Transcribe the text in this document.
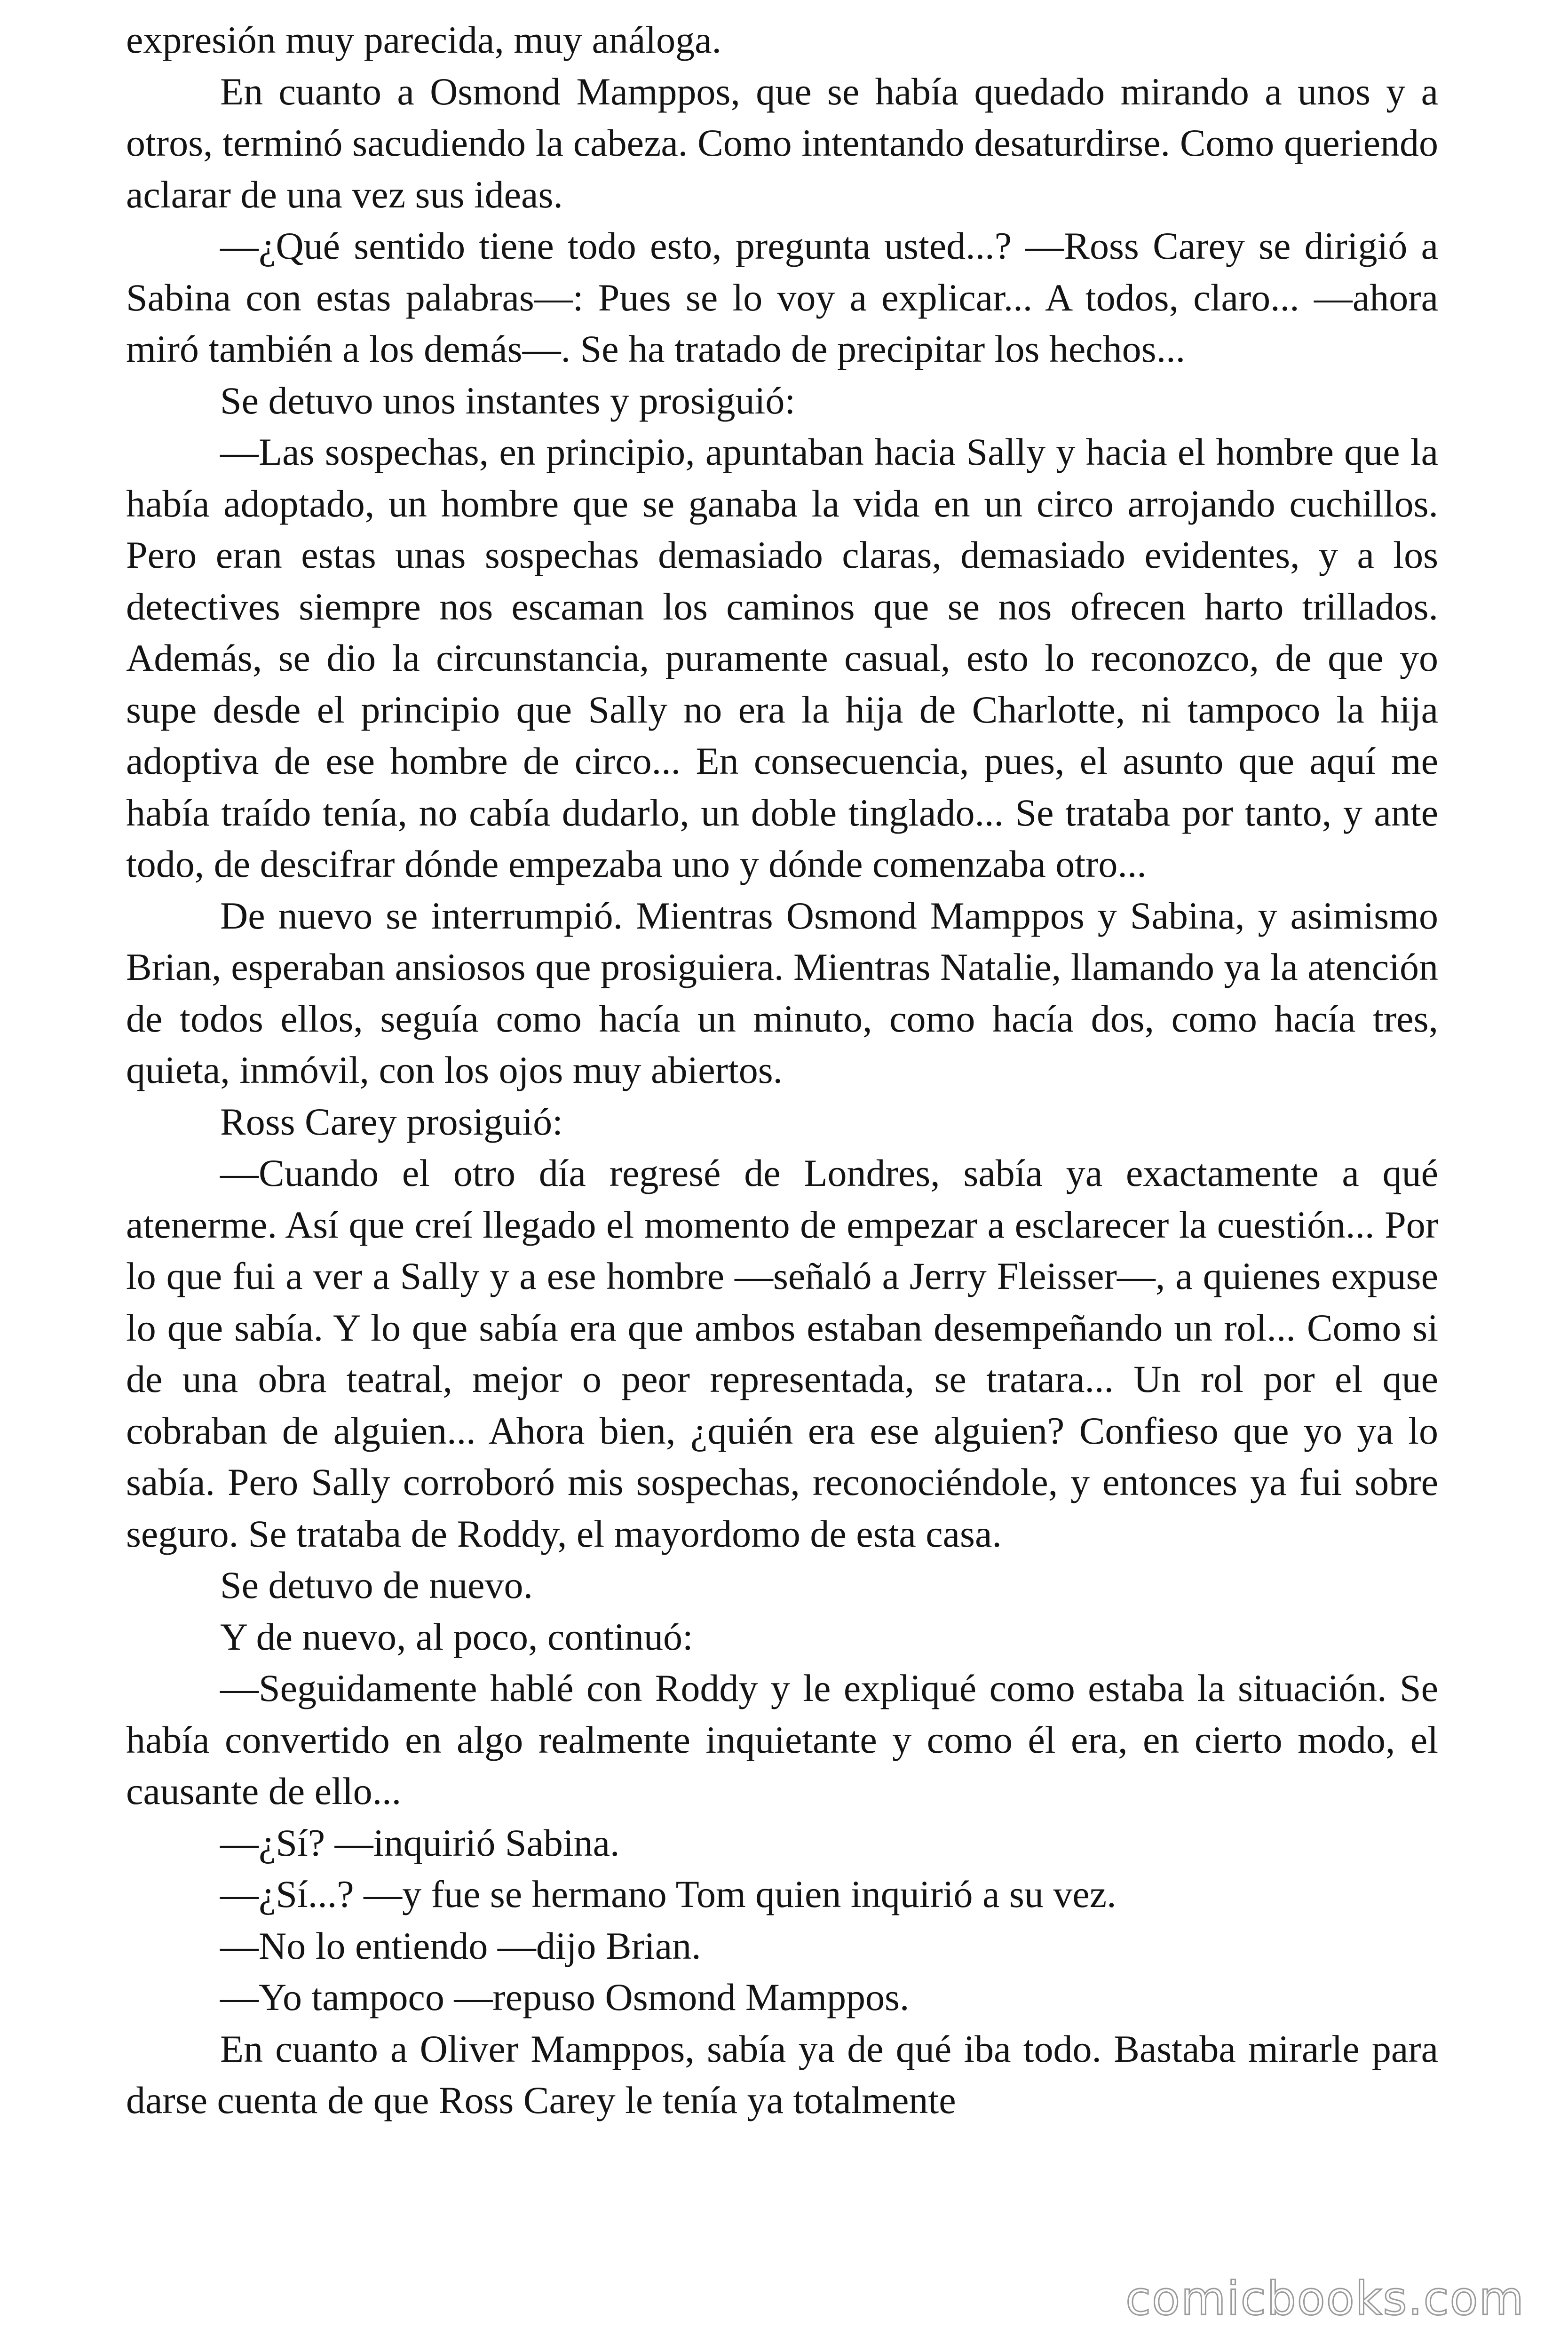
expresión muy parecida, muy análoga.

En cuanto a Osmond Mamppos, que se había quedado mirando a unos y a otros, terminó sacudiendo la cabeza. Como intentando desaturdirse. Como queriendo aclarar de una vez sus ideas.

—¿Qué sentido tiene todo esto, pregunta usted...? —Ross Carey se dirigió a Sabina con estas palabras—: Pues se lo voy a explicar... A todos, claro... —ahora miró también a los demás—. Se ha tratado de precipitar los hechos...

Se detuvo unos instantes y prosiguió:

—Las sospechas, en principio, apuntaban hacia Sally y hacia el hombre que la había adoptado, un hombre que se ganaba la vida en un circo arrojando cuchillos. Pero eran estas unas sospechas demasiado claras, demasiado evidentes, y a los detectives siempre nos escaman los caminos que se nos ofrecen harto trillados. Además, se dio la circunstancia, puramente casual, esto lo reconozco, de que yo supe desde el principio que Sally no era la hija de Charlotte, ni tampoco la hija adoptiva de ese hombre de circo... En consecuencia, pues, el asunto que aquí me había traído tenía, no cabía dudarlo, un doble tinglado... Se trataba por tanto, y ante todo, de descifrar dónde empezaba uno y dónde comenzaba otro...

De nuevo se interrumpió. Mientras Osmond Mamppos y Sabina, y asimismo Brian, esperaban ansiosos que prosiguiera. Mientras Natalie, llamando ya la atención de todos ellos, seguía como hacía un minuto, como hacía dos, como hacía tres, quieta, inmóvil, con los ojos muy abiertos.

Ross Carey prosiguió:

—Cuando el otro día regresé de Londres, sabía ya exactamente a qué atenerme. Así que creí llegado el momento de empezar a esclarecer la cuestión... Por lo que fui a ver a Sally y a ese hombre —señaló a Jerry Fleisser—, a quienes expuse lo que sabía. Y lo que sabía era que ambos estaban desempeñando un rol... Como si de una obra teatral, mejor o peor representada, se tratara... Un rol por el que cobraban de alguien... Ahora bien, ¿quién era ese alguien? Confieso que yo ya lo sabía. Pero Sally corroboró mis sospechas, reconociéndole, y entonces ya fui sobre seguro. Se trataba de Roddy, el mayordomo de esta casa.

Se detuvo de nuevo.

Y de nuevo, al poco, continuó:

—Seguidamente hablé con Roddy y le expliqué como estaba la situación. Se había convertido en algo realmente inquietante y como él era, en cierto modo, el causante de ello...

—¿Sí? —inquirió Sabina.

—¿Sí...? —y fue se hermano Tom quien inquirió a su vez.

—No lo entiendo —dijo Brian.

—Yo tampoco —repuso Osmond Mamppos.

En cuanto a Oliver Mamppos, sabía ya de qué iba todo. Bastaba mirarle para darse cuenta de que Ross Carey le tenía ya totalmente

comicbooks.com
